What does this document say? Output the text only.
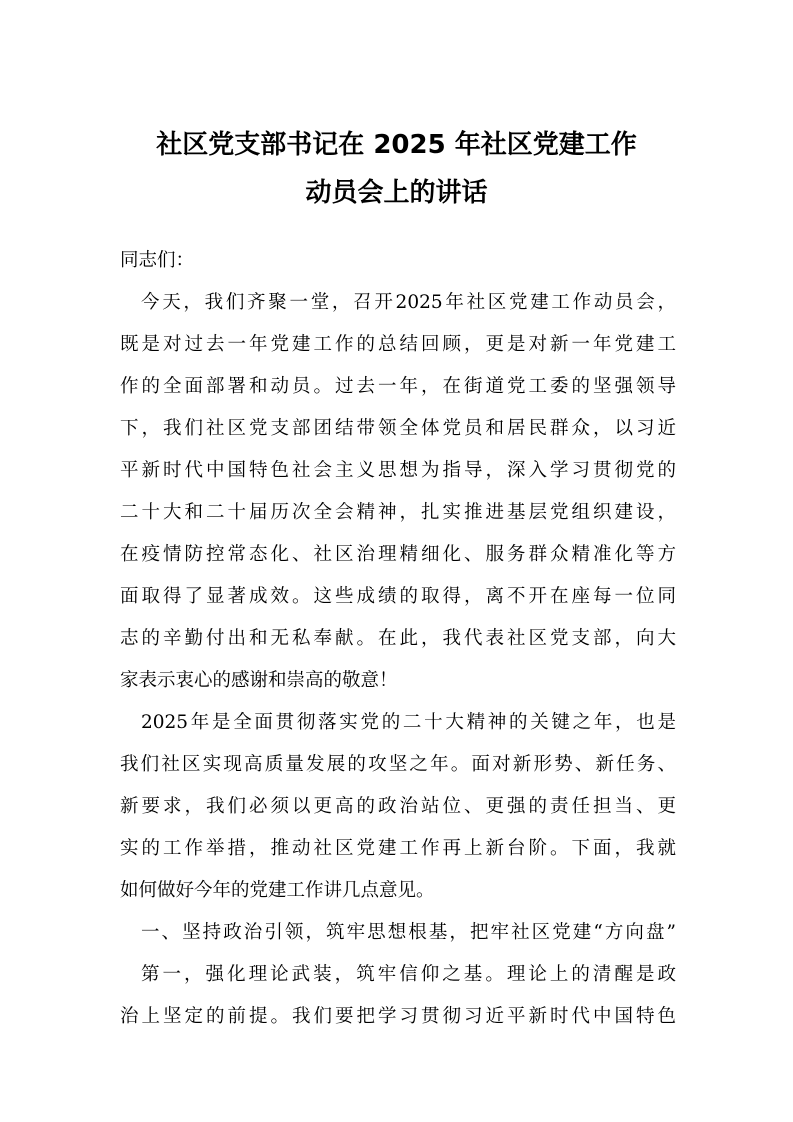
社区党支部书记在 2025 年社区党建工作
动员会上的讲话
同志们：
今天，我们齐聚一堂，召开2025年社区党建工作动员会，
既是对过去一年党建工作的总结回顾，更是对新一年党建工
作的全面部署和动员。过去一年，在街道党工委的坚强领导
下，我们社区党支部团结带领全体党员和居民群众，以习近
平新时代中国特色社会主义思想为指导，深入学习贯彻党的
二十大和二十届历次全会精神，扎实推进基层党组织建设，
在疫情防控常态化、社区治理精细化、服务群众精准化等方
面取得了显著成效。这些成绩的取得，离不开在座每一位同
志的辛勤付出和无私奉献。在此，我代表社区党支部，向大
家表示衷心的感谢和崇高的敬意！
2025年是全面贯彻落实党的二十大精神的关键之年，也是
我们社区实现高质量发展的攻坚之年。面对新形势、新任务、
新要求，我们必须以更高的政治站位、更强的责任担当、更
实的工作举措，推动社区党建工作再上新台阶。下面，我就
如何做好今年的党建工作讲几点意见。
一、坚持政治引领，筑牢思想根基，把牢社区党建“方向盘”
第一，强化理论武装，筑牢信仰之基。理论上的清醒是政
治上坚定的前提。我们要把学习贯彻习近平新时代中国特色
